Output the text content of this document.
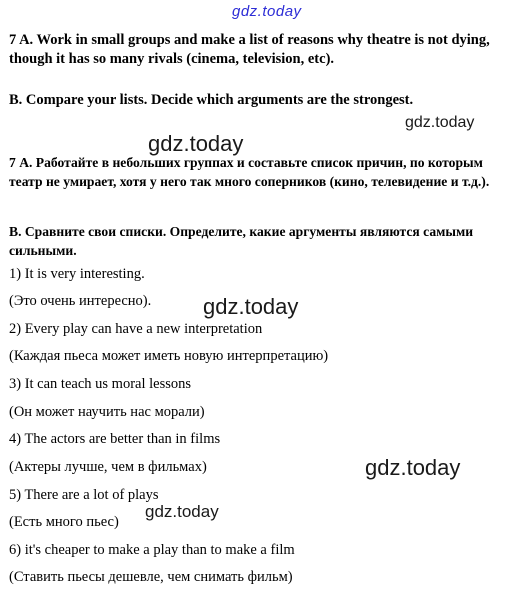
gdz.today
gdz.today
gdz.today
gdz.today
gdz.today
gdz.today
7 A. Work in small groups and make a list of reasons why theatre is not dying, though it has so many rivals (cinema, television, etc).
B. Compare your lists. Decide which arguments are the strongest.
7 А. Работайте в небольших группах и составьте список причин, по которым театр не умирает, хотя у него так много соперников (кино, телевидение и т.д.).
В. Сравните свои списки. Определите, какие аргументы являются самыми сильными.
1) It is very interesting.
(Это очень интересно).
2) Every play can have a new interpretation
(Каждая пьеса может иметь новую интерпретацию)
3) It can teach us moral lessons
(Он может научить нас морали)
4) The actors are better than in films
(Актеры лучше, чем в фильмах)
5) There are a lot of plays
(Есть много пьес)
6) it's cheaper to make a play than to make a film
(Ставить пьесы дешевле, чем снимать фильм)
